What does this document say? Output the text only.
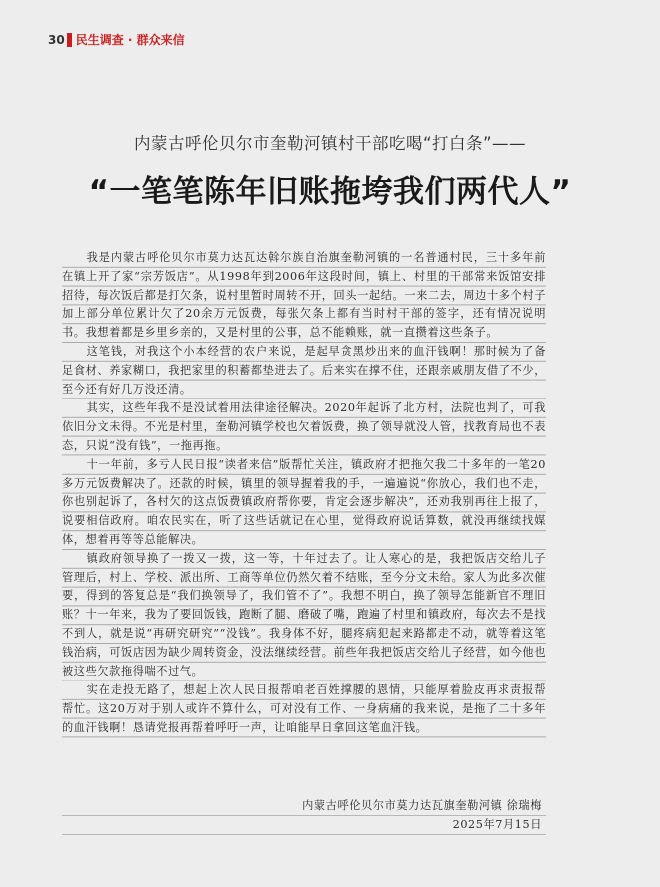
30 民生调查 · 群众来信
内蒙古呼伦贝尔市奎勒河镇村干部吃喝“打白条”——
“一笔笔陈年旧账拖垮我们两代人”

我是内蒙古呼伦贝尔市莫力达瓦达斡尔族自治旗奎勒河镇的一名普通村民，三十多年前在镇上开了家“宗芳饭店”。从1998年到2006年这段时间，镇上、村里的干部常来饭馆安排招待，每次饭后都是打欠条，说村里暂时周转不开，回头一起结。一来二去，周边十多个村子加上部分单位累计欠了20余万元饭费，每张欠条上都有当时村干部的签字，还有情况说明书。我想着都是乡里乡亲的，又是村里的公事，总不能赖账，就一直攒着这些条子。

这笔钱，对我这个小本经营的农户来说，是起早贪黑炒出来的血汗钱啊！那时候为了备足食材、养家糊口，我把家里的积蓄都垫进去了。后来实在撑不住，还跟亲戚朋友借了不少，至今还有好几万没还清。

其实，这些年我不是没试着用法律途径解决。2020年起诉了北方村，法院也判了，可我依旧分文未得。不光是村里，奎勒河镇学校也欠着饭费，换了领导就没人管，找教育局也不表态，只说“没有钱”，一拖再拖。

十一年前，多亏人民日报“读者来信”版帮忙关注，镇政府才把拖欠我二十多年的一笔20多万元饭费解决了。还款的时候，镇里的领导握着我的手，一遍遍说“你放心，我们也不走，你也别起诉了，各村欠的这点饭费镇政府帮你要，肯定会逐步解决”，还劝我别再往上报了，说要相信政府。咱农民实在，听了这些话就记在心里，觉得政府说话算数，就没再继续找媒体，想着再等等总能解决。

镇政府领导换了一拨又一拨，这一等，十年过去了。让人寒心的是，我把饭店交给儿子管理后，村上、学校、派出所、工商等单位仍然欠着不结账，至今分文未给。家人为此多次催要，得到的答复总是“我们换领导了，我们管不了”。我想不明白，换了领导怎能新官不理旧账？十一年来，我为了要回饭钱，跑断了腿、磨破了嘴，跑遍了村里和镇政府，每次去不是找不到人，就是说“再研究研究”“没钱”。我身体不好，腿疼病犯起来路都走不动，就等着这笔钱治病，可饭店因为缺少周转资金，没法继续经营。前些年我把饭店交给儿子经营，如今他也被这些欠款拖得喘不过气。

实在走投无路了，想起上次人民日报帮咱老百姓撑腰的恩情，只能厚着脸皮再求责报帮帮忙。这20万对于别人或许不算什么，可对没有工作、一身病痛的我来说，是拖了二十多年的血汗钱啊！恳请党报再帮着呼吁一声，让咱能早日拿回这笔血汗钱。

内蒙古呼伦贝尔市莫力达瓦旗奎勒河镇 徐瑞梅
2025年7月15日
